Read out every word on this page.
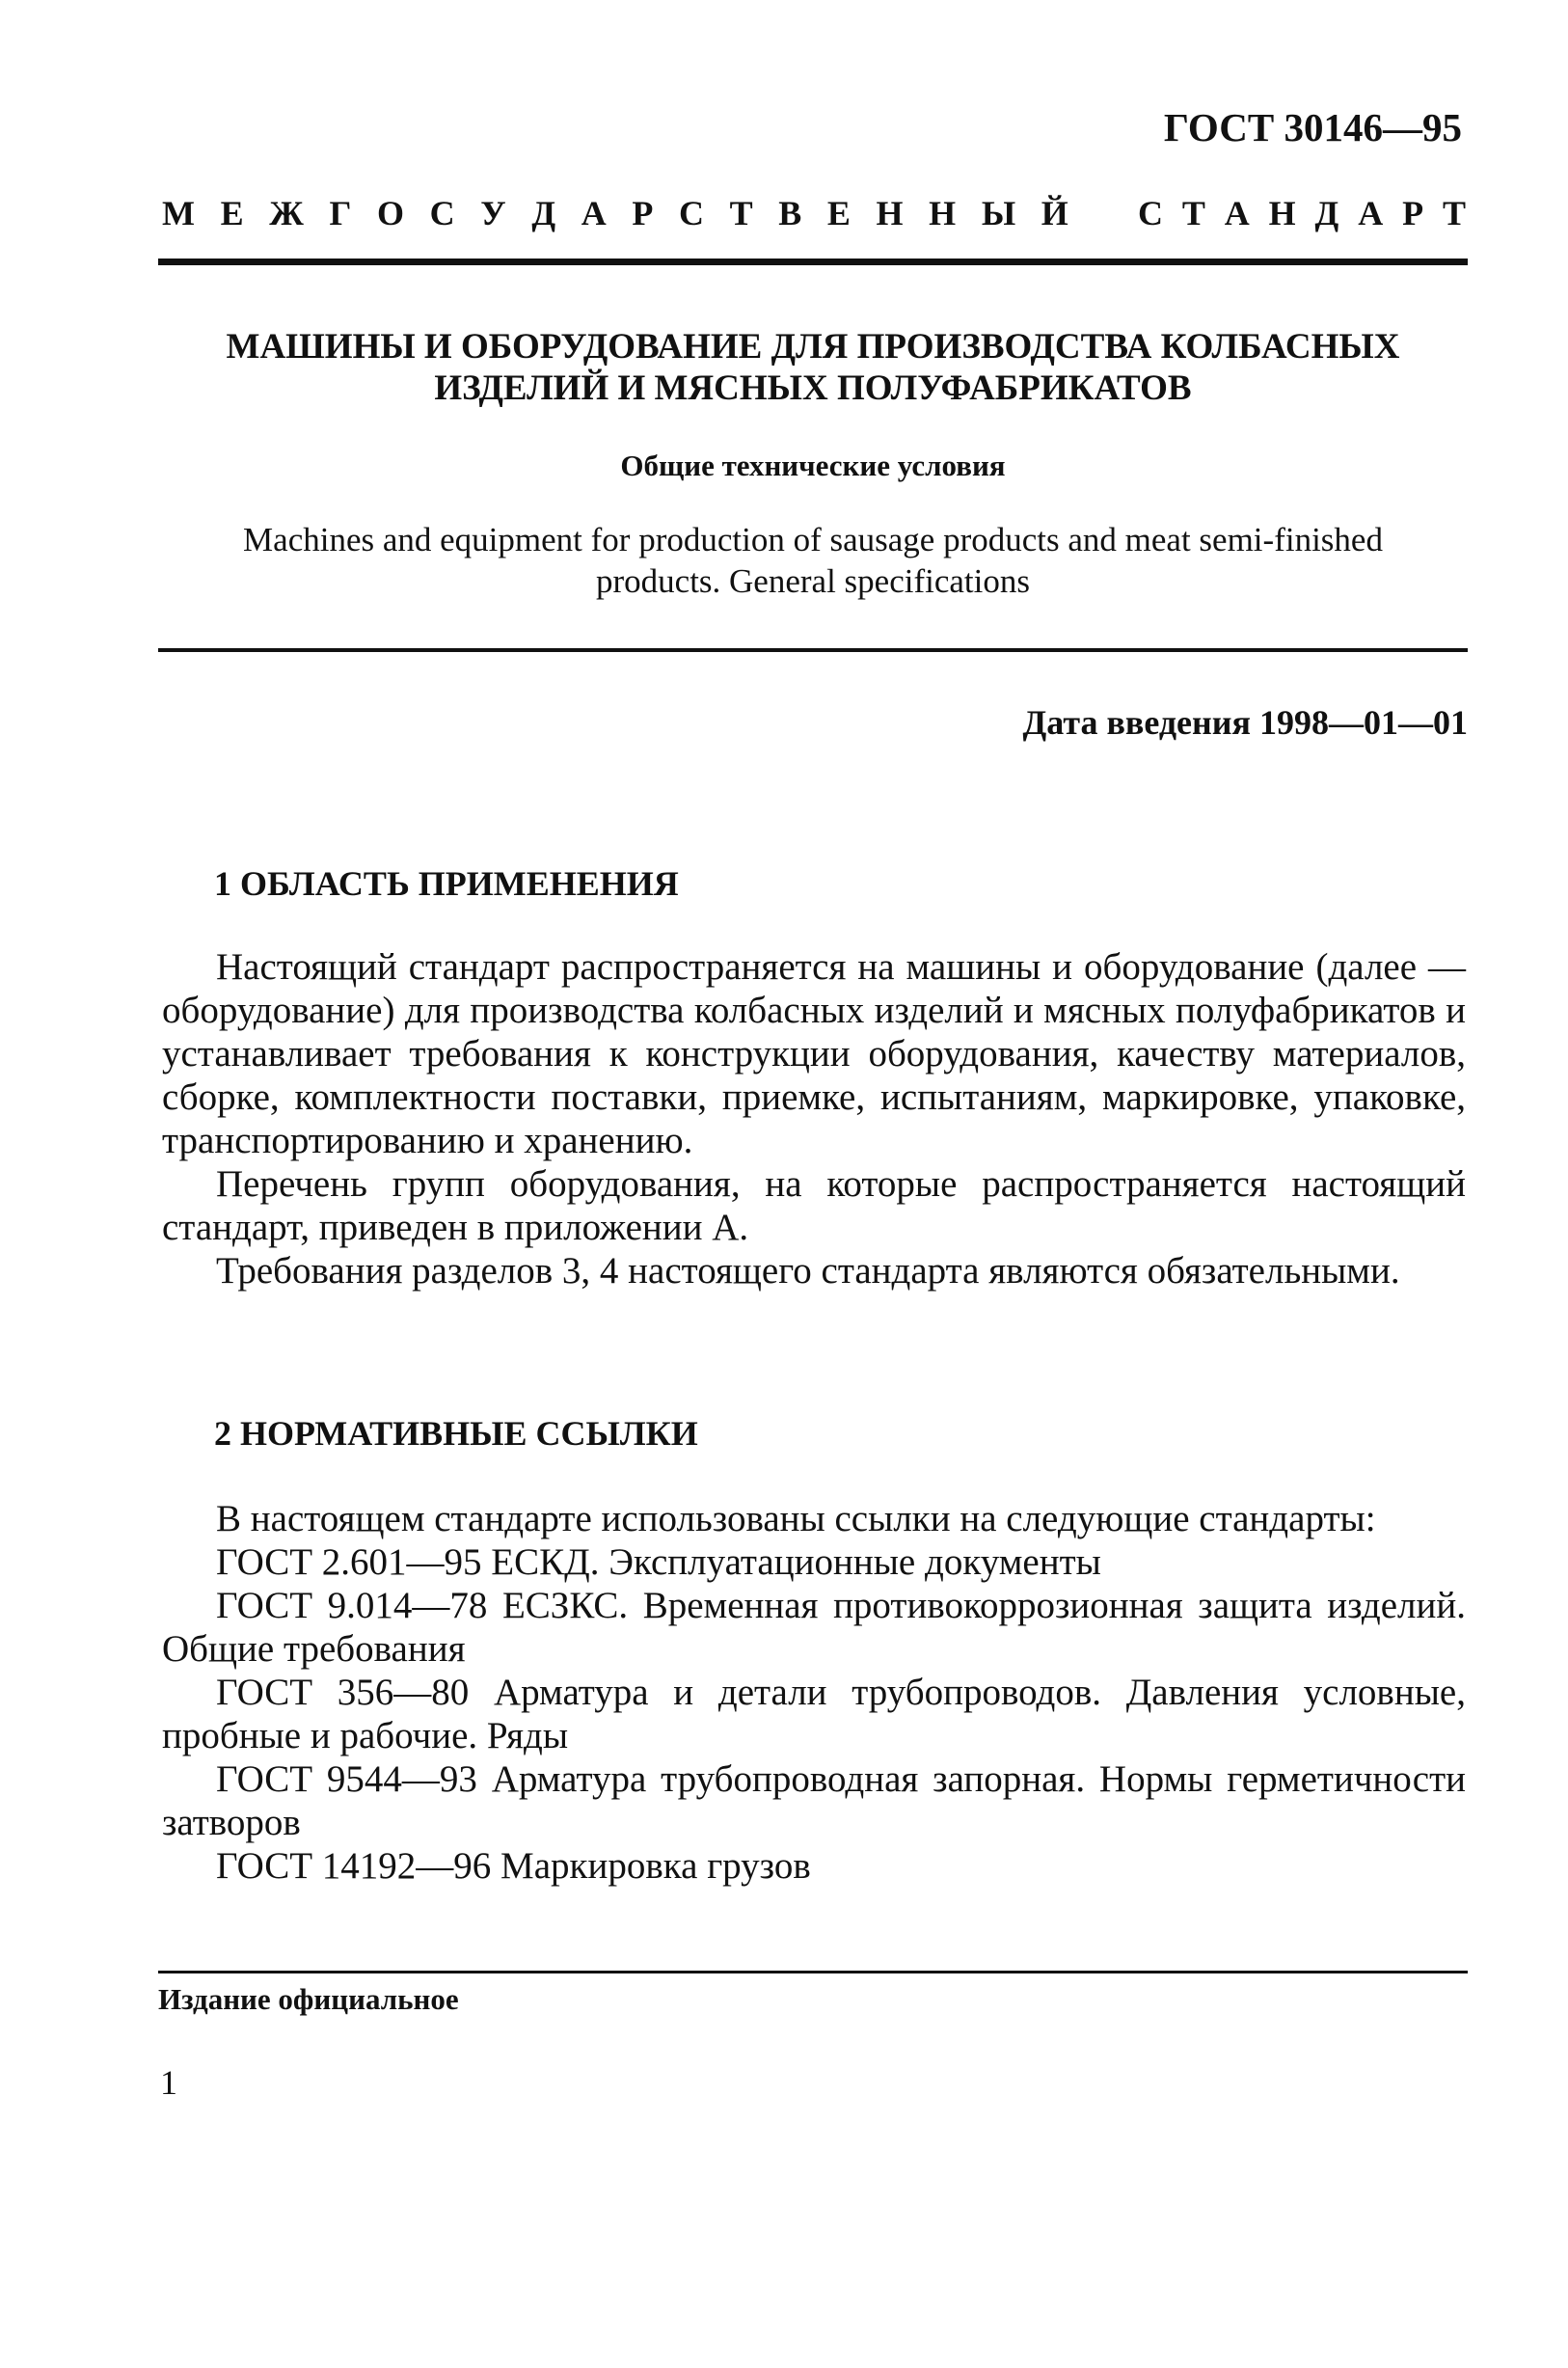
ГОСТ 30146—95
М Е Ж Г О С У Д А Р С Т В Е Н Н Ы Й С Т А Н Д А Р Т
МАШИНЫ И ОБОРУДОВАНИЕ ДЛЯ ПРОИЗВОДСТВА КОЛБАСНЫХ
ИЗДЕЛИЙ И МЯСНЫХ ПОЛУФАБРИКАТОВ
Общие технические условия
Machines and equipment for production of sausage products and meat semi-finished products. General specifications
Дата введения 1998—01—01
1 ОБЛАСТЬ ПРИМЕНЕНИЯ

Настоящий стандарт распространяется на машины и оборудование (далее — оборудование) для производства колбасных изделий и мясных полуфабрикатов и устанавливает требования к конструкции оборудования, качеству материалов, сборке, комплектности поставки, приемке, испытаниям, маркировке, упаковке, транспортированию и хранению.

Перечень групп оборудования, на которые распространяется настоящий стандарт, приведен в приложении А.

Требования разделов 3, 4 настоящего стандарта являются обязательными.

2 НОРМАТИВНЫЕ ССЫЛКИ

В настоящем стандарте использованы ссылки на следующие стандарты:

ГОСТ 2.601—95 ЕСКД. Эксплуатационные документы

ГОСТ 9.014—78 ЕСЗКС. Временная противокоррозионная защита изделий. Общие требования

ГОСТ 356—80 Арматура и детали трубопроводов. Давления условные, пробные и рабочие. Ряды

ГОСТ 9544—93 Арматура трубопроводная запорная. Нормы герметичности затворов

ГОСТ 14192—96 Маркировка грузов

Издание официальное
1
